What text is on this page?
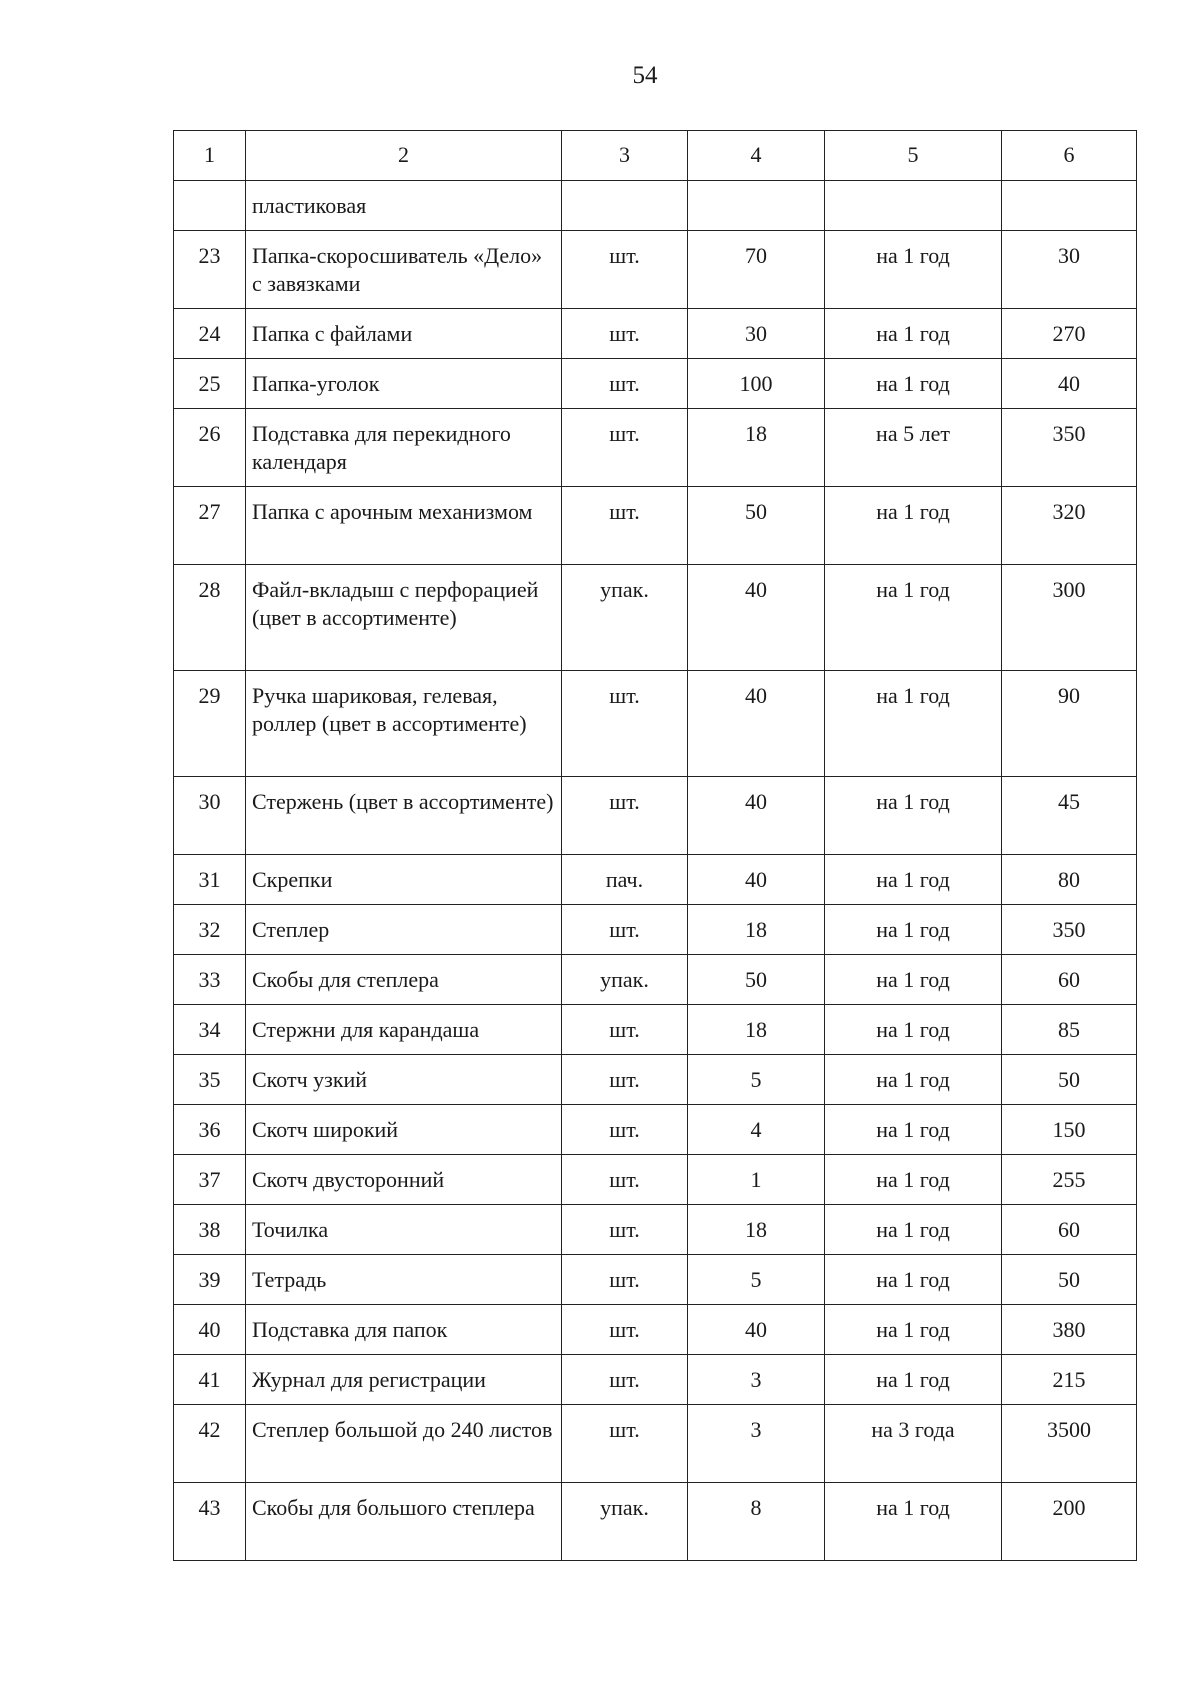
54
1	2	3	4	5	6
	пластиковая				
23	Папка-скоросшиватель «Дело» с завязками	шт.	70	на 1 год	30
24	Папка с файлами	шт.	30	на 1 год	270
25	Папка-уголок	шт.	100	на 1 год	40
26	Подставка для перекидного календаря	шт.	18	на 5 лет	350
27	Папка с арочным механизмом	шт.	50	на 1 год	320
28	Файл-вкладыш с перфорацией (цвет в ассортименте)	упак.	40	на 1 год	300
29	Ручка шариковая, гелевая, роллер (цвет в ассортименте)	шт.	40	на 1 год	90
30	Стержень (цвет в ассортименте)	шт.	40	на 1 год	45
31	Скрепки	пач.	40	на 1 год	80
32	Степлер	шт.	18	на 1 год	350
33	Скобы для степлера	упак.	50	на 1 год	60
34	Стержни для карандаша	шт.	18	на 1 год	85
35	Скотч узкий	шт.	5	на 1 год	50
36	Скотч широкий	шт.	4	на 1 год	150
37	Скотч двусторонний	шт.	1	на 1 год	255
38	Точилка	шт.	18	на 1 год	60
39	Тетрадь	шт.	5	на 1 год	50
40	Подставка для папок	шт.	40	на 1 год	380
41	Журнал для регистрации	шт.	3	на 1 год	215
42	Степлер большой до 240 листов	шт.	3	на 3 года	3500
43	Скобы для большого степлера	упак.	8	на 1 год	200
